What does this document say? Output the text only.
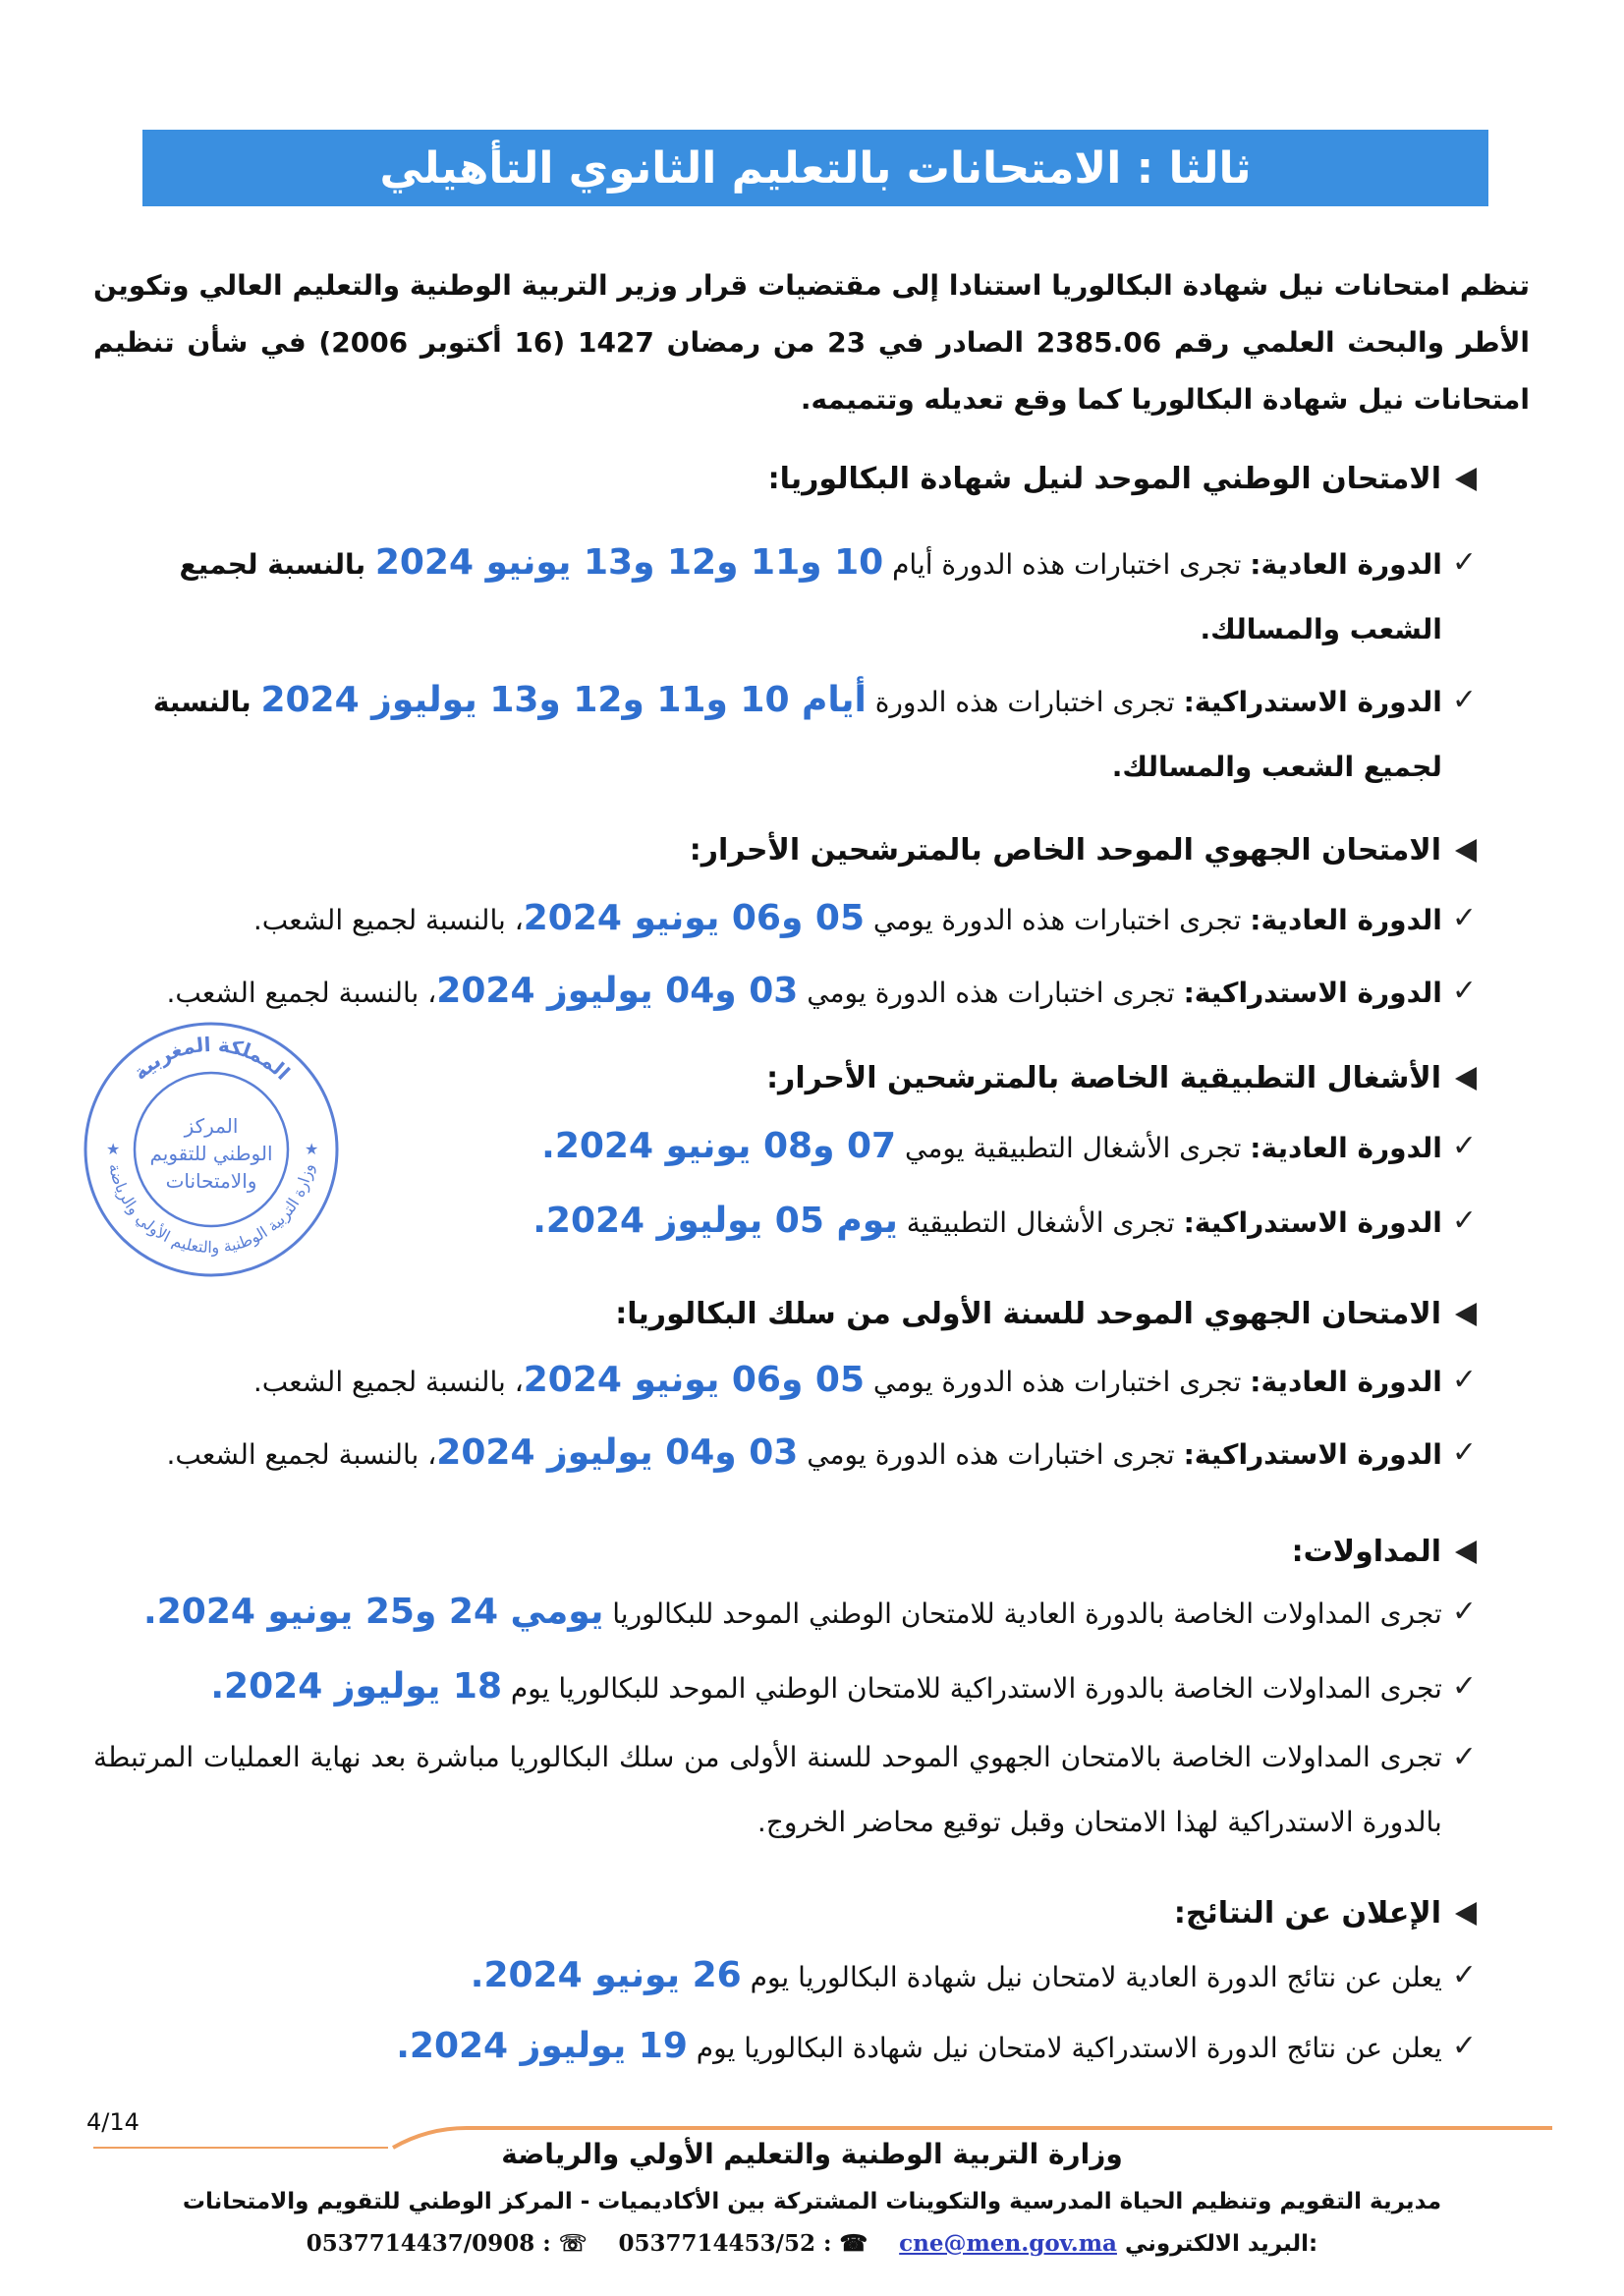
ثالثا : الامتحانات بالتعليم الثانوي التأهيلي
تنظم امتحانات نيل شهادة البكالوريا استنادا إلى مقتضيات قرار وزير التربية الوطنية والتعليم العالي وتكوين الأطر والبحث العلمي رقم 2385.06 الصادر في 23 من رمضان 1427 (16 أكتوبر 2006) في شأن تنظيم امتحانات نيل شهادة البكالوريا كما وقع تعديله وتتميمه.
الامتحان الوطني الموحد لنيل شهادة البكالوريا:
✓
الدورة العادية: تجرى اختبارات هذه الدورة أيام 10 و11 و12 و13 يونيو 2024 بالنسبة لجميع الشعب والمسالك.
✓
الدورة الاستدراكية: تجرى اختبارات هذه الدورة أيام 10 و11 و12 و13 يوليوز 2024 بالنسبة لجميع الشعب والمسالك.
الامتحان الجهوي الموحد الخاص بالمترشحين الأحرار:
✓
الدورة العادية: تجرى اختبارات هذه الدورة يومي 05 و06 يونيو 2024، بالنسبة لجميع الشعب.
✓
الدورة الاستدراكية: تجرى اختبارات هذه الدورة يومي 03 و04 يوليوز 2024، بالنسبة لجميع الشعب.
المملكة المغربية
وزارة التربية الوطنية والتعليم الأولي والرياضة
★	★
المركز
الوطني للتقويم
والامتحانات
الأشغال التطبيقية الخاصة بالمترشحين الأحرار:
✓
الدورة العادية: تجرى الأشغال التطبيقية يومي 07 و08 يونيو 2024.
✓
الدورة الاستدراكية: تجرى الأشغال التطبيقية يوم 05 يوليوز 2024.
الامتحان الجهوي الموحد للسنة الأولى من سلك البكالوريا:
✓
الدورة العادية: تجرى اختبارات هذه الدورة يومي 05 و06 يونيو 2024، بالنسبة لجميع الشعب.
✓
الدورة الاستدراكية: تجرى اختبارات هذه الدورة يومي 03 و04 يوليوز 2024، بالنسبة لجميع الشعب.
المداولات:
✓
تجرى المداولات الخاصة بالدورة العادية للامتحان الوطني الموحد للبكالوريا يومي 24 و25 يونيو 2024.
✓
تجرى المداولات الخاصة بالدورة الاستدراكية للامتحان الوطني الموحد للبكالوريا يوم 18 يوليوز 2024.
✓
تجرى المداولات الخاصة بالامتحان الجهوي الموحد للسنة الأولى من سلك البكالوريا مباشرة بعد نهاية العمليات المرتبطة بالدورة الاستدراكية لهذا الامتحان وقبل توقيع محاضر الخروج.
الإعلان عن النتائج:
✓
يعلن عن نتائج الدورة العادية لامتحان نيل شهادة البكالوريا يوم 26 يونيو 2024.
✓
يعلن عن نتائج الدورة الاستدراكية لامتحان نيل شهادة البكالوريا يوم 19 يوليوز 2024.
4/14
وزارة التربية الوطنية والتعليم الأولي والرياضة
مديرية التقويم وتنظيم الحياة المدرسية والتكوينات المشتركة بين الأكاديميات - المركز الوطني للتقويم والامتحانات
0537714437/0908 : ☏ 0537714453/52 : ☎ cne@men.gov.ma البريد الالكتروني:
